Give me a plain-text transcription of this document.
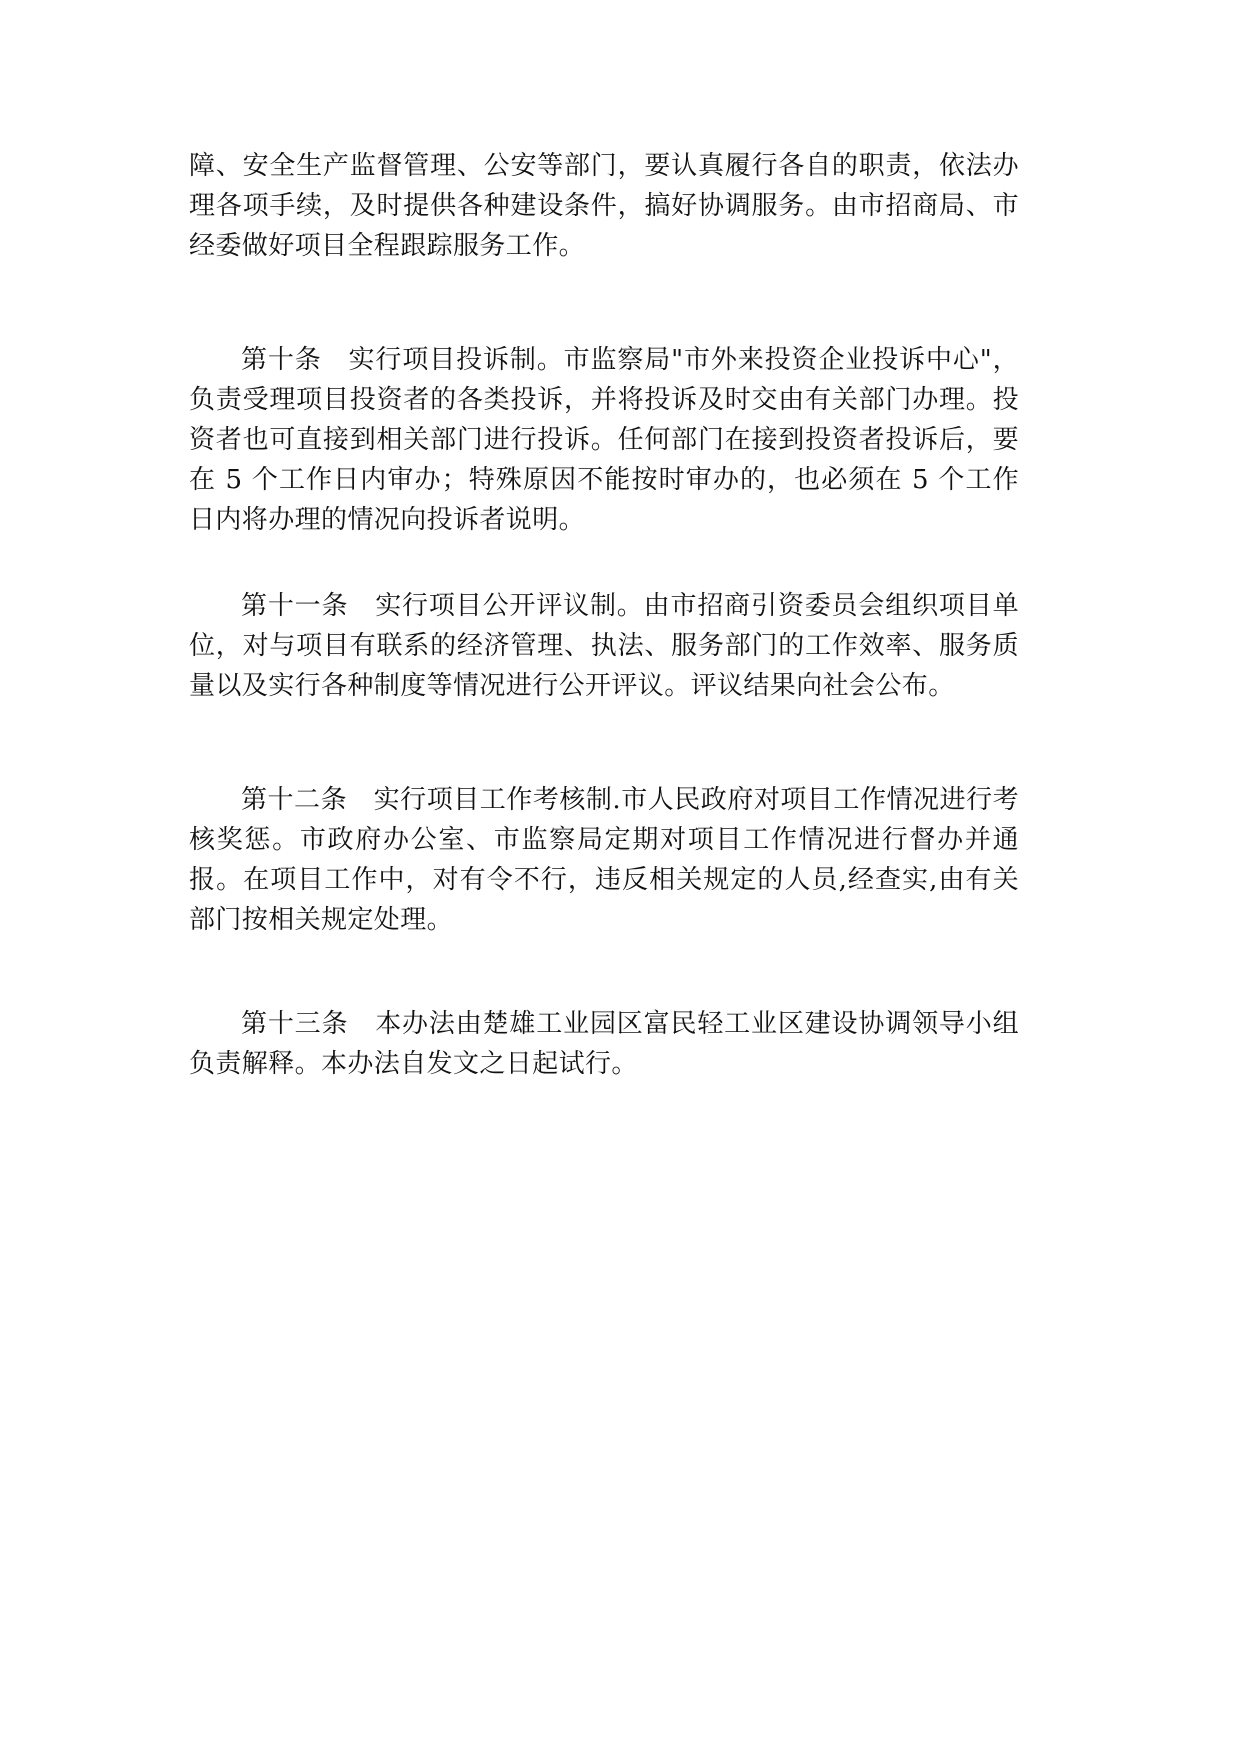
障、安全生产监督管理、公安等部门，要认真履行各自的职责，依法办理各项手续，及时提供各种建设条件，搞好协调服务。由市招商局、市经委做好项目全程跟踪服务工作。

第十条　实行项目投诉制。市监察局"市外来投资企业投诉中心"，负责受理项目投资者的各类投诉，并将投诉及时交由有关部门办理。投资者也可直接到相关部门进行投诉。任何部门在接到投资者投诉后，要在 5 个工作日内审办；特殊原因不能按时审办的，也必须在 5 个工作日内将办理的情况向投诉者说明。

第十一条　实行项目公开评议制。由市招商引资委员会组织项目单　位，对与项目有联系的经济管理、执法、服务部门的工作效率、服务质量以及实行各种制度等情况进行公开评议。评议结果向社会公布。

第十二条　实行项目工作考核制.市人民政府对项目工作情况进行考核奖惩。市政府办公室、市监察局定期对项目工作情况进行督办并通报。在项目工作中，对有令不行，违反相关规定的人员,经查实,由有关部门按相关规定处理。

第十三条　本办法由楚雄工业园区富民轻工业区建设协调领导小组负责解释。本办法自发文之日起试行。
